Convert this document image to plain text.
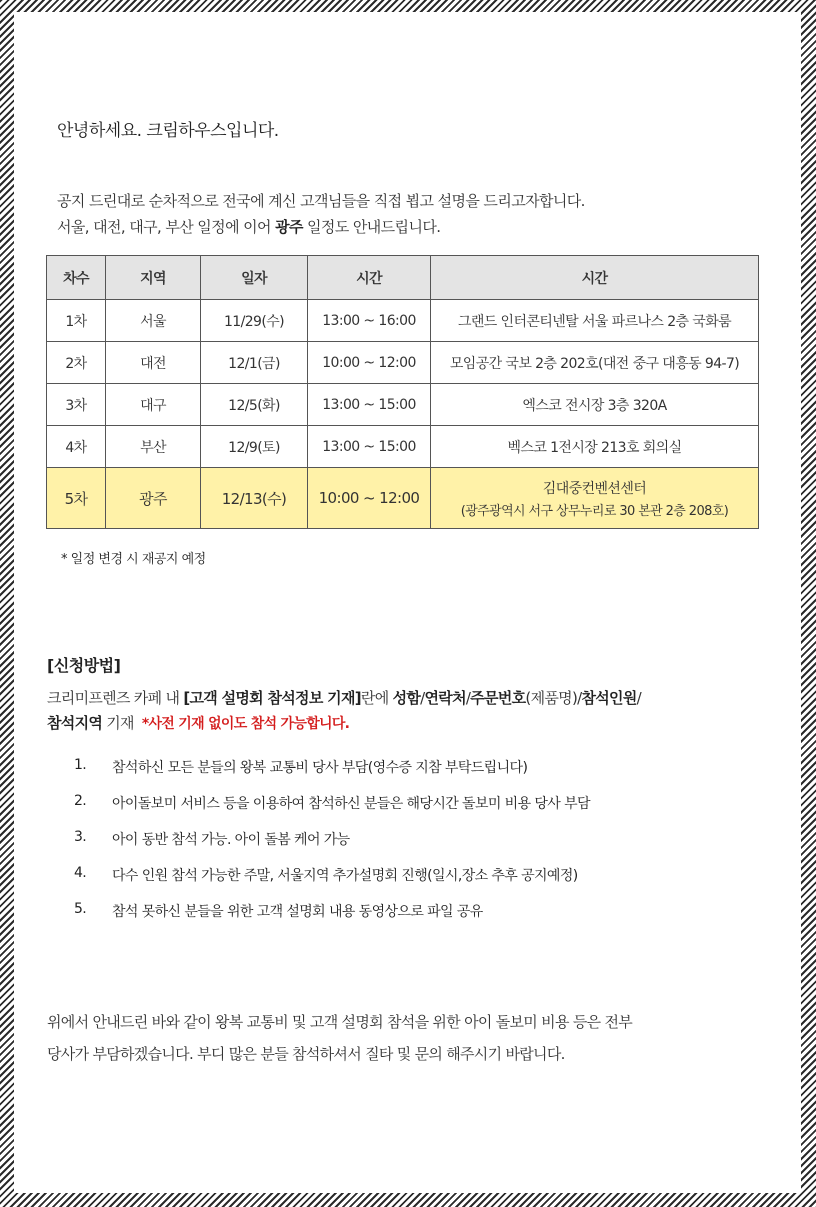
안녕하세요. 크림하우스입니다.
공지 드린대로 순차적으로 전국에 계신 고객님들을 직접 뵙고 설명을 드리고자합니다.
서울, 대전, 대구, 부산 일정에 이어 광주 일정도 안내드립니다.
차수	지역	일자	시간	시간
1차	서울	11/29(수)	13:00 ~ 16:00	그랜드 인터콘티넨탈 서울 파르나스 2층 국화룸
2차	대전	12/1(금)	10:00 ~ 12:00	모임공간 국보 2층 202호(대전 중구 대흥동 94-7)
3차	대구	12/5(화)	13:00 ~ 15:00	엑스코 전시장 3층 320A
4차	부산	12/9(토)	13:00 ~ 15:00	벡스코 1전시장 213호 회의실
5차	광주	12/13(수)	10:00 ~ 12:00	김대중컨벤션센터
(광주광역시 서구 상무누리로 30 본관 2층 208호)
* 일정 변경 시 재공지 예정
[신청방법]
크리미프렌즈 카페 내 [고객 설명회 참석정보 기재]란에 성함/연락처/주문번호(제품명)/참석인원/
참석지역 기재 *사전 기재 없이도 참석 가능합니다.
1.	참석하신 모든 분들의 왕복 교통비 당사 부담(영수증 지참 부탁드립니다)
2.	아이돌보미 서비스 등을 이용하여 참석하신 분들은 해당시간 돌보미 비용 당사 부담
3.	아이 동반 참석 가능. 아이 돌봄 케어 가능
4.	다수 인원 참석 가능한 주말, 서울지역 추가설명회 진행(일시,장소 추후 공지예정)
5.	참석 못하신 분들을 위한 고객 설명회 내용 동영상으로 파일 공유
위에서 안내드린 바와 같이 왕복 교통비 및 고객 설명회 참석을 위한 아이 돌보미 비용 등은 전부
당사가 부담하겠습니다. 부디 많은 분들 참석하셔서 질타 및 문의 해주시기 바랍니다.
